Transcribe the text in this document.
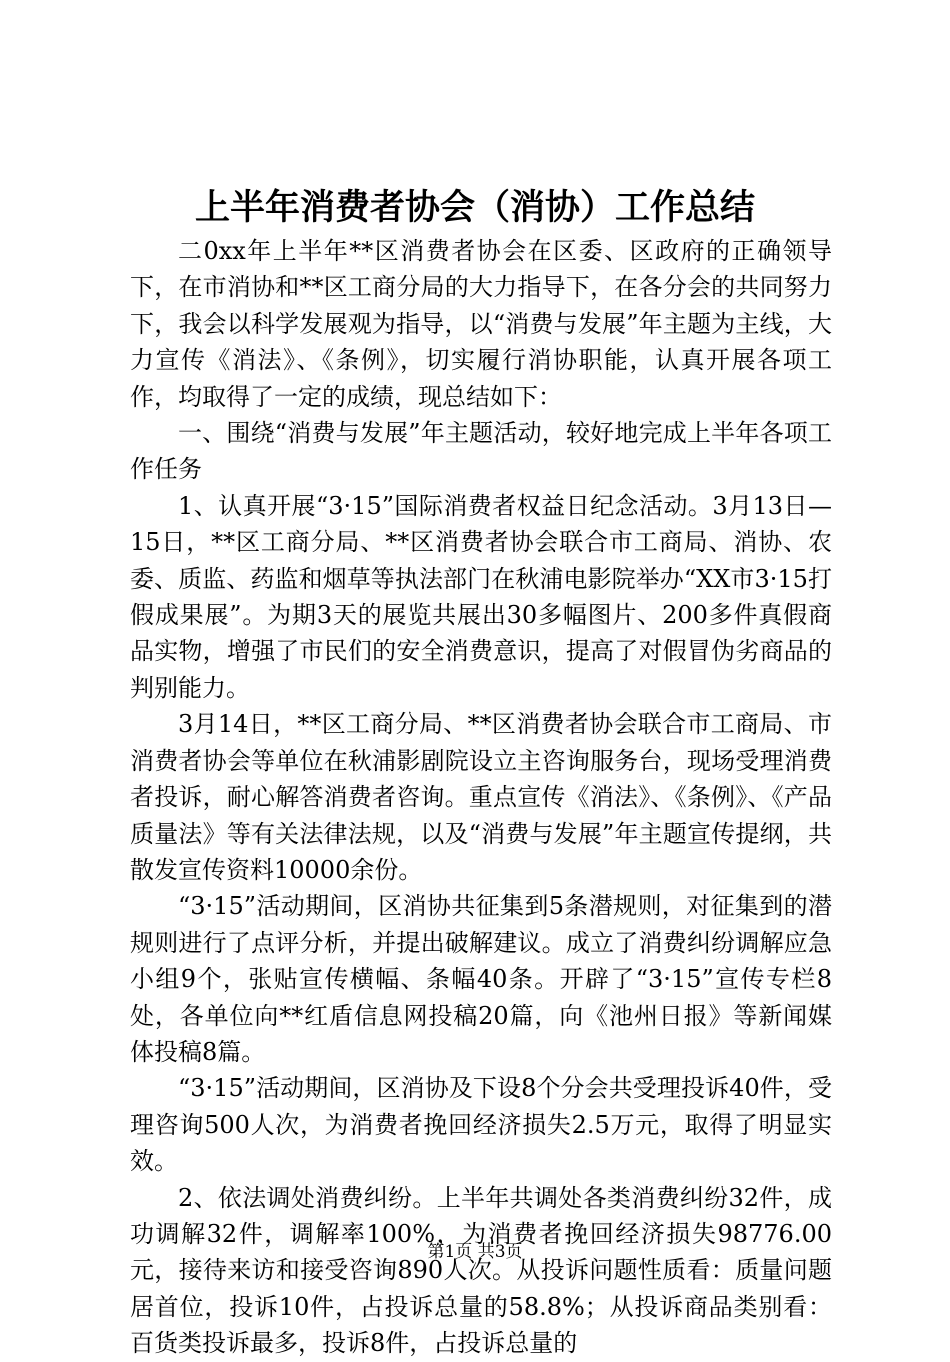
上半年消费者协会（消协）工作总结

二0xx年上半年**区消费者协会在区委、区政府的正确领导下，在市消协和**区工商分局的大力指导下，在各分会的共同努力下，我会以科学发展观为指导，以“消费与发展”年主题为主线，大力宣传《消法》、《条例》，切实履行消协职能，认真开展各项工作，均取得了一定的成绩，现总结如下：

一、围绕“消费与发展”年主题活动，较好地完成上半年各项工作任务

1、认真开展“3·15”国际消费者权益日纪念活动。3月13日—15日，**区工商分局、**区消费者协会联合市工商局、消协、农委、质监、药监和烟草等执法部门在秋浦电影院举办“XX市3·15打假成果展”。为期3天的展览共展出30多幅图片、200多件真假商品实物，增强了市民们的安全消费意识，提高了对假冒伪劣商品的判别能力。

3月14日，**区工商分局、**区消费者协会联合市工商局、市消费者协会等单位在秋浦影剧院设立主咨询服务台，现场受理消费者投诉，耐心解答消费者咨询。重点宣传《消法》、《条例》、《产品质量法》等有关法律法规，以及“消费与发展”年主题宣传提纲，共散发宣传资料10000余份。

“3·15”活动期间，区消协共征集到5条潜规则，对征集到的潜规则进行了点评分析，并提出破解建议。成立了消费纠纷调解应急小组9个，张贴宣传横幅、条幅40条。开辟了“3·15”宣传专栏8处，各单位向**红盾信息网投稿20篇，向《池州日报》等新闻媒体投稿8篇。

“3·15”活动期间，区消协及下设8个分会共受理投诉40件，受理咨询500人次，为消费者挽回经济损失2.5万元，取得了明显实效。

2、依法调处消费纠纷。上半年共调处各类消费纠纷32件，成功调解32件，调解率100%，为消费者挽回经济损失98776.00元，接待来访和接受咨询890人次。从投诉问题性质看：质量问题居首位，投诉10件，占投诉总量的58.8%；从投诉商品类别看：百货类投诉最多，投诉8件，占投诉总量的

第1页 共3页
